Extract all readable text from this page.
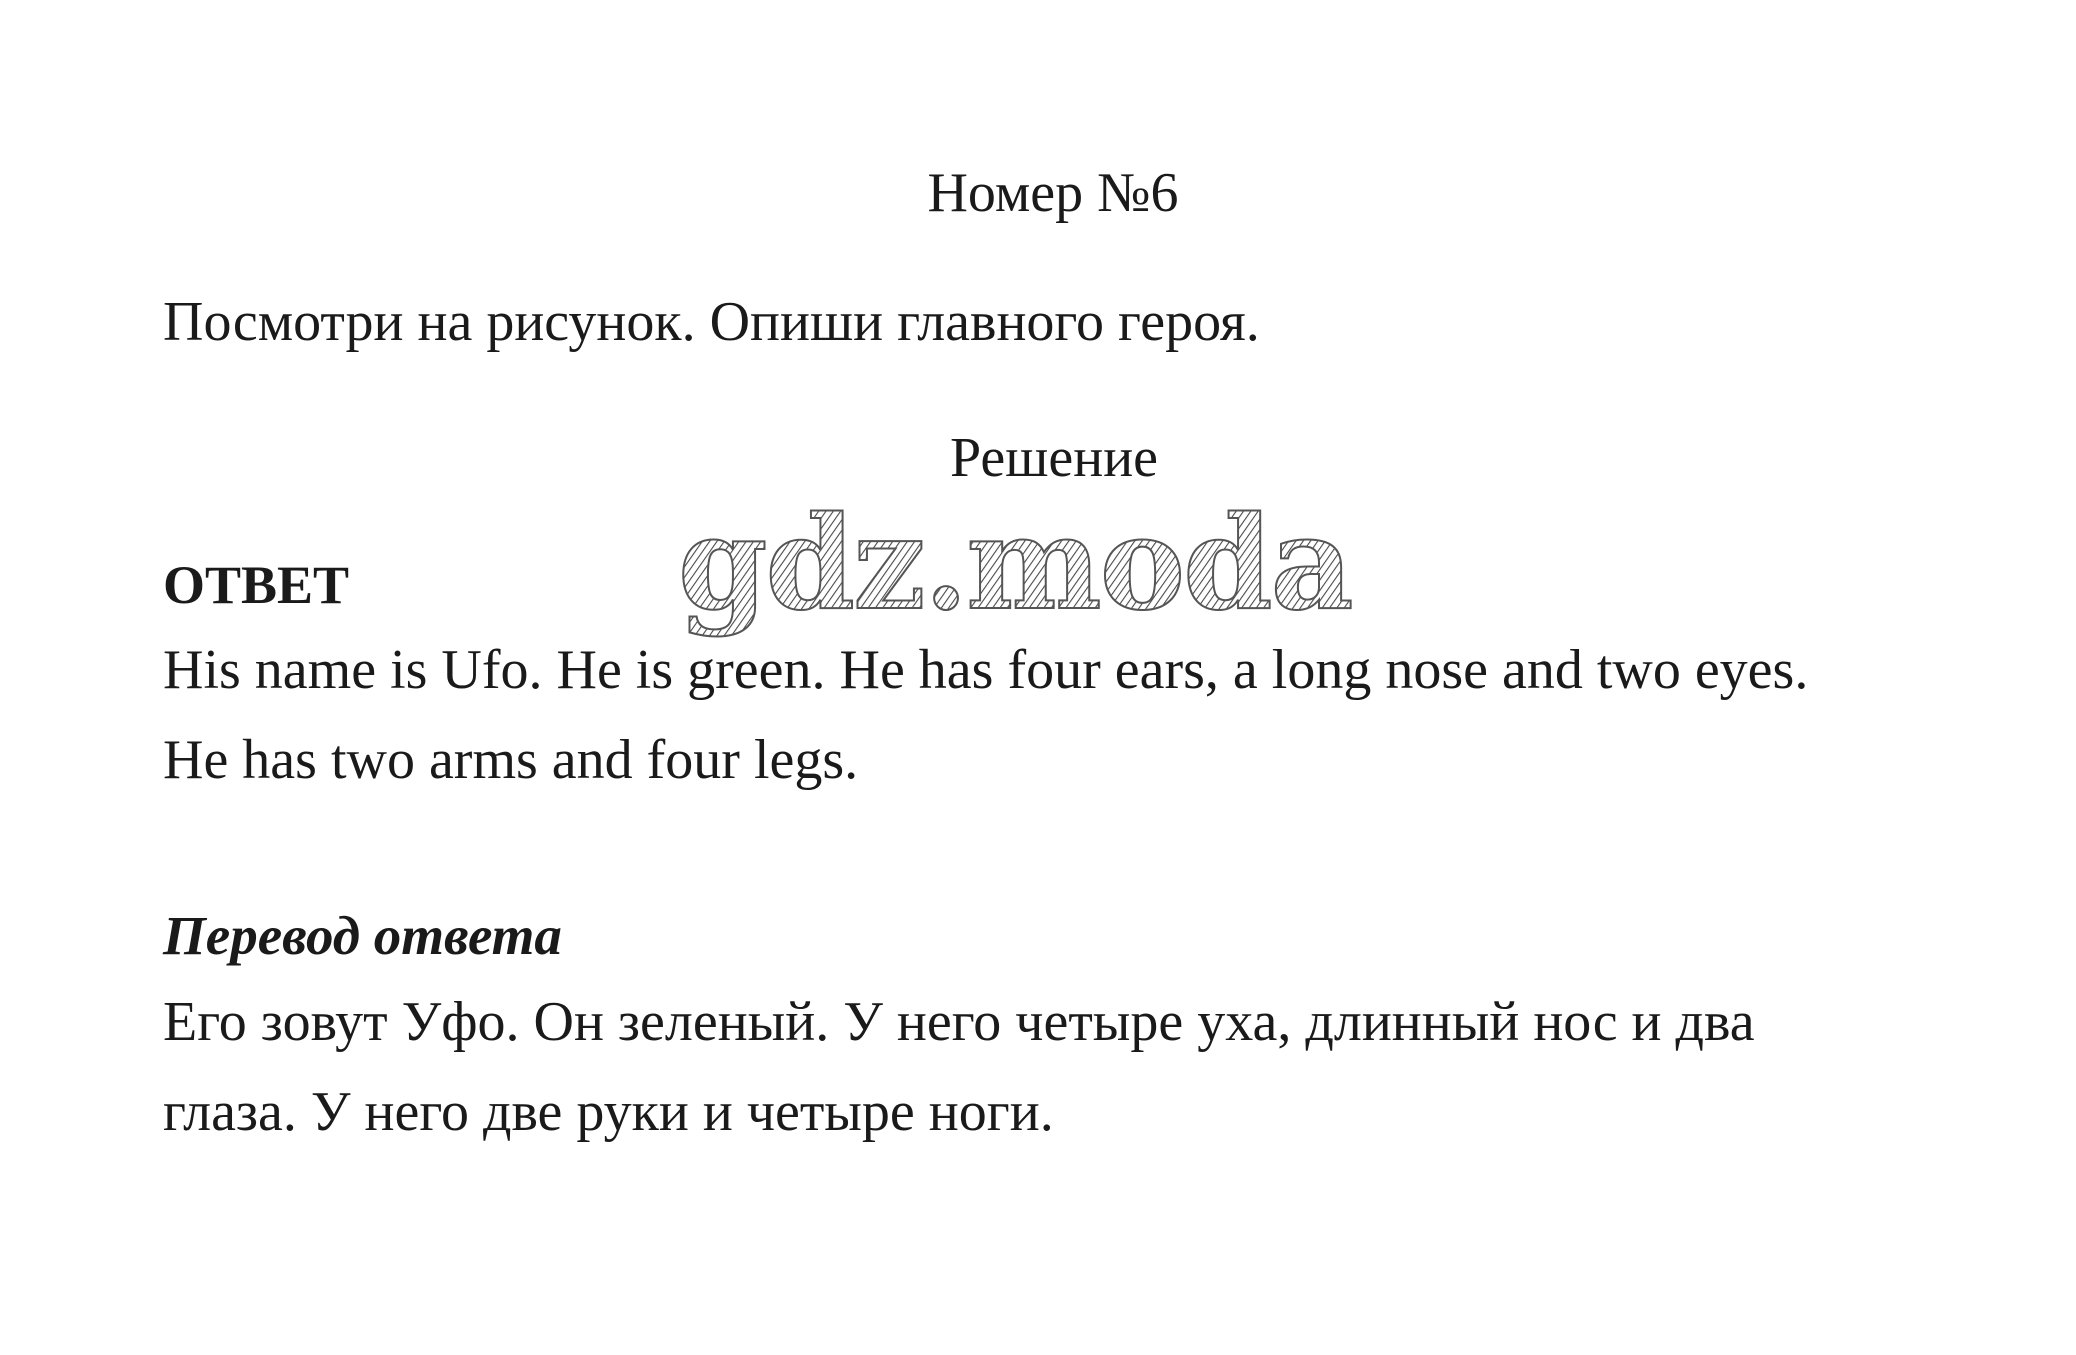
Номер №6
Посмотри на рисунок. Опиши главного героя.
Решение
ОТВЕТ
His name is Ufo. He is green. He has four ears, a long nose and two eyes.
He has two arms and four legs.
Перевод ответа
Его зовут Уфо. Он зеленый. У него четыре уха, длинный нос и два
глаза. У него две руки и четыре ноги.
gdz.moda
